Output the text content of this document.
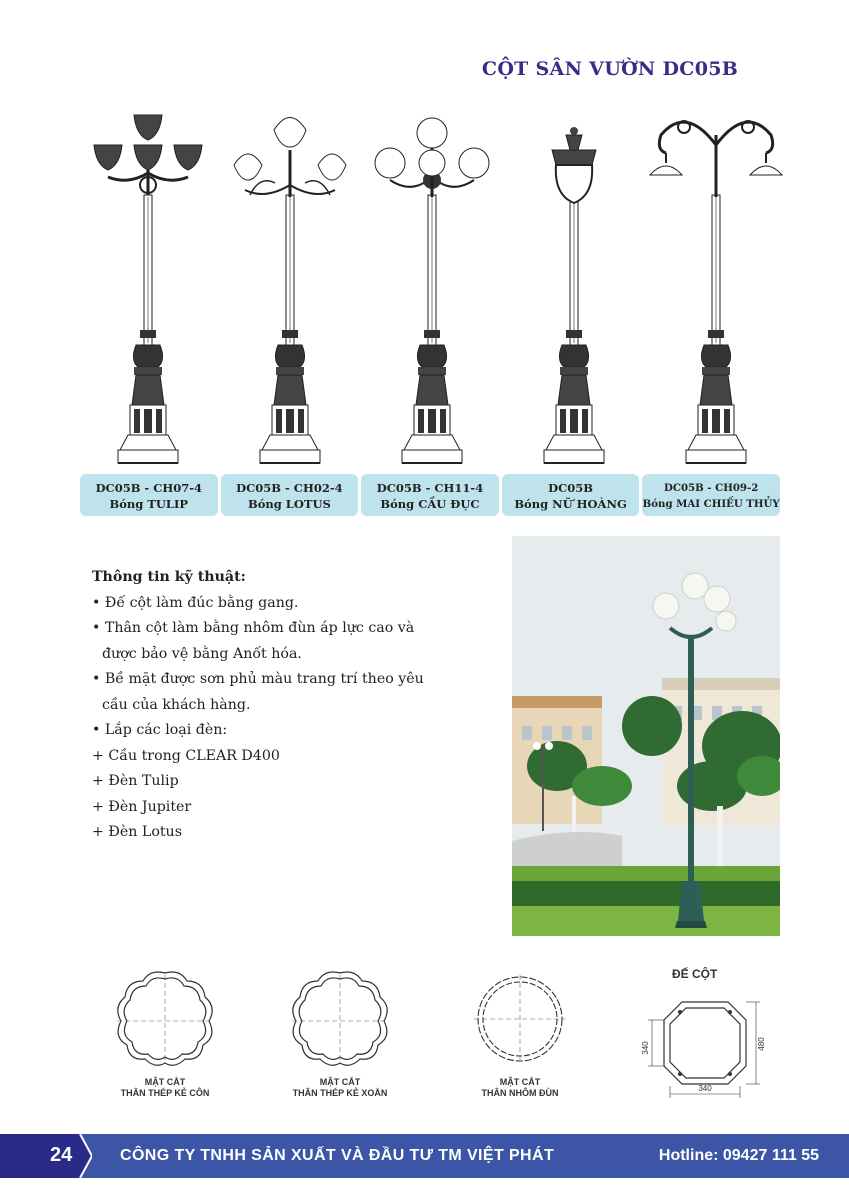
CỘT SÂN VƯỜN DC05B
DC05B - CH07-4
Bóng TULIP
DC05B - CH02-4
Bóng LOTUS
DC05B - CH11-4
Bóng CẦU ĐỤC
DC05B
Bóng NỮ HOÀNG
DC05B - CH09-2
Bóng MAI CHIẾU THỦY
Thông tin kỹ thuật:
• Đế cột làm đúc bằng gang.
• Thân cột làm bằng nhôm đùn áp lực cao và
được bảo vệ bằng Anốt hóa.
• Bề mặt được sơn phủ màu trang trí theo yêu
cầu của khách hàng.
• Lắp các loại đèn:
+ Cầu trong CLEAR D400
+ Đèn Tulip
+ Đèn Jupiter
+ Đèn Lotus
MẶT CẮT
THÂN THÉP KẺ CÔN
MẶT CẮT
THÂN THÉP KẺ XOẮN
MẶT CẮT
THÂN NHÔM ĐÙN
ĐẾ CỘT
340	480
340
24	CÔNG TY TNHH SẢN XUẤT VÀ ĐẦU TƯ TM VIỆT PHÁT	Hotline: 09427 111 55
